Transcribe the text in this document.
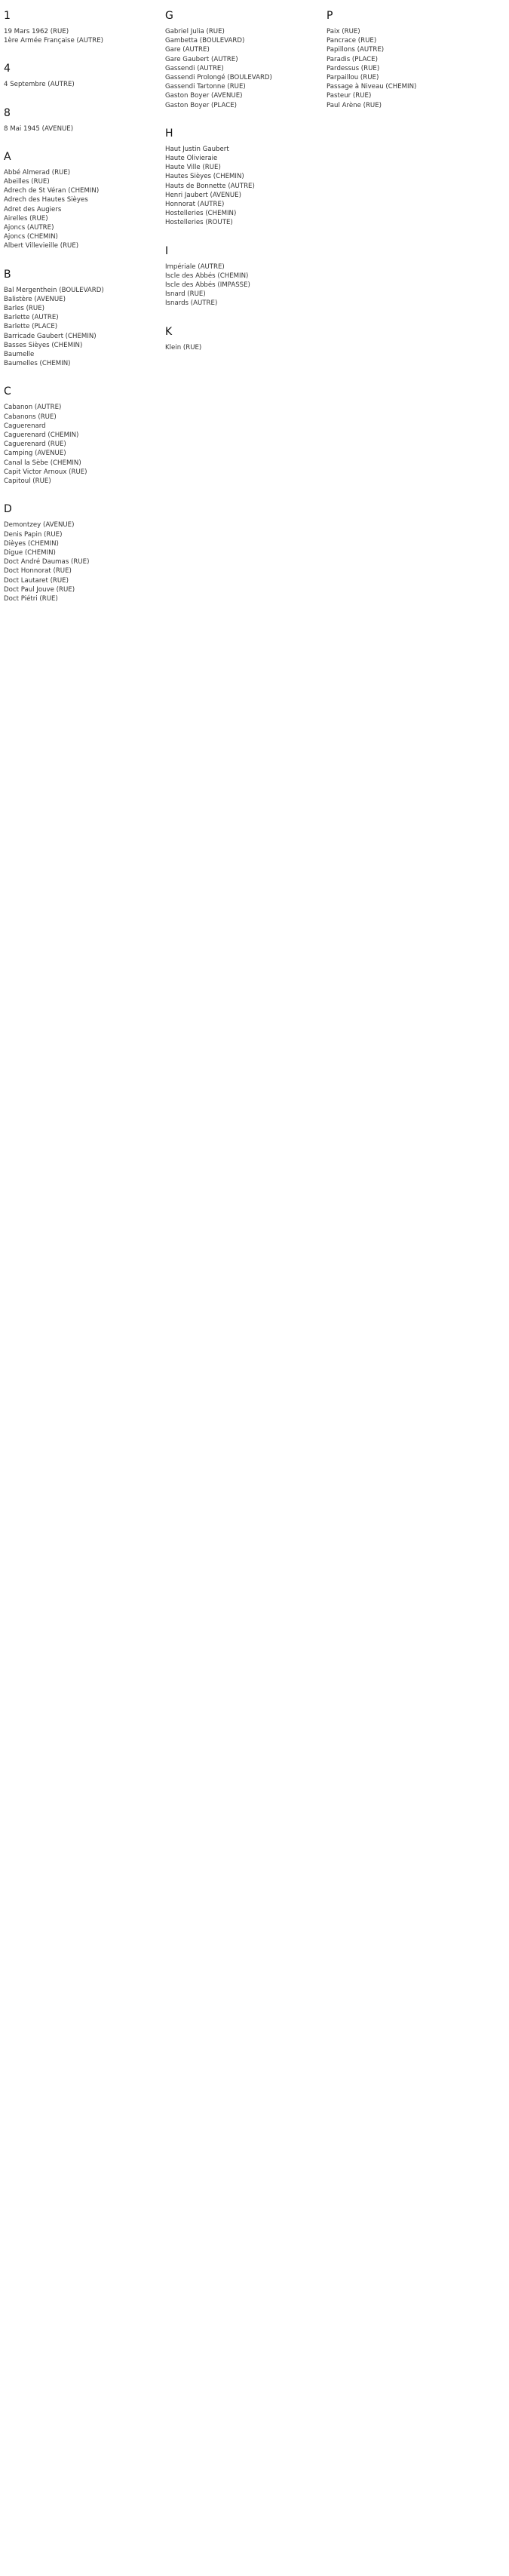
1
19 Mars 1962 (RUE)
1ère Armée Française (AUTRE)
4
4 Septembre (AUTRE)
8
8 Mai 1945 (AVENUE)
A
Abbé Almerad (RUE)
Abeilles (RUE)
Adrech de St Véran (CHEMIN)
Adrech des Hautes Sièyes
Adret des Augiers
Airelles (RUE)
Ajoncs (AUTRE)
Ajoncs (CHEMIN)
Albert Villevieille (RUE)
B
Bal Mergenthein (BOULEVARD)
Balistère (AVENUE)
Barles (RUE)
Barlette (AUTRE)
Barlette (PLACE)
Barricade Gaubert (CHEMIN)
Basses Sièyes (CHEMIN)
Baumelle
Baumelles (CHEMIN)
C
Cabanon (AUTRE)
Cabanons (RUE)
Caguerenard
Caguerenard (CHEMIN)
Caguerenard (RUE)
Camping (AVENUE)
Canal la Sèbe (CHEMIN)
Capit Victor Arnoux (RUE)
Capitoul (RUE)
D
Demontzey (AVENUE)
Denis Papin (RUE)
Dièyes (CHEMIN)
Digue (CHEMIN)
Doct André Daumas (RUE)
Doct Honnorat (RUE)
Doct Lautaret (RUE)
Doct Paul Jouve (RUE)
Doct Piétri (RUE)
G
Gabriel Julia (RUE)
Gambetta (BOULEVARD)
Gare (AUTRE)
Gare Gaubert (AUTRE)
Gassendi (AUTRE)
Gassendi Prolongé (BOULEVARD)
Gassendi Tartonne (RUE)
Gaston Boyer (AVENUE)
Gaston Boyer (PLACE)
H
Haut Justin Gaubert
Haute Olivieraie
Haute Ville (RUE)
Hautes Sièyes (CHEMIN)
Hauts de Bonnette (AUTRE)
Henri Jaubert (AVENUE)
Honnorat (AUTRE)
Hostelleries (CHEMIN)
Hostelleries (ROUTE)
I
Impériale (AUTRE)
Iscle des Abbés (CHEMIN)
Iscle des Abbés (IMPASSE)
Isnard (RUE)
Isnards (AUTRE)
K
Klein (RUE)
P
Paix (RUE)
Pancrace (RUE)
Papillons (AUTRE)
Paradis (PLACE)
Pardessus (RUE)
Parpaillou (RUE)
Passage à Niveau (CHEMIN)
Pasteur (RUE)
Paul Arène (RUE)
